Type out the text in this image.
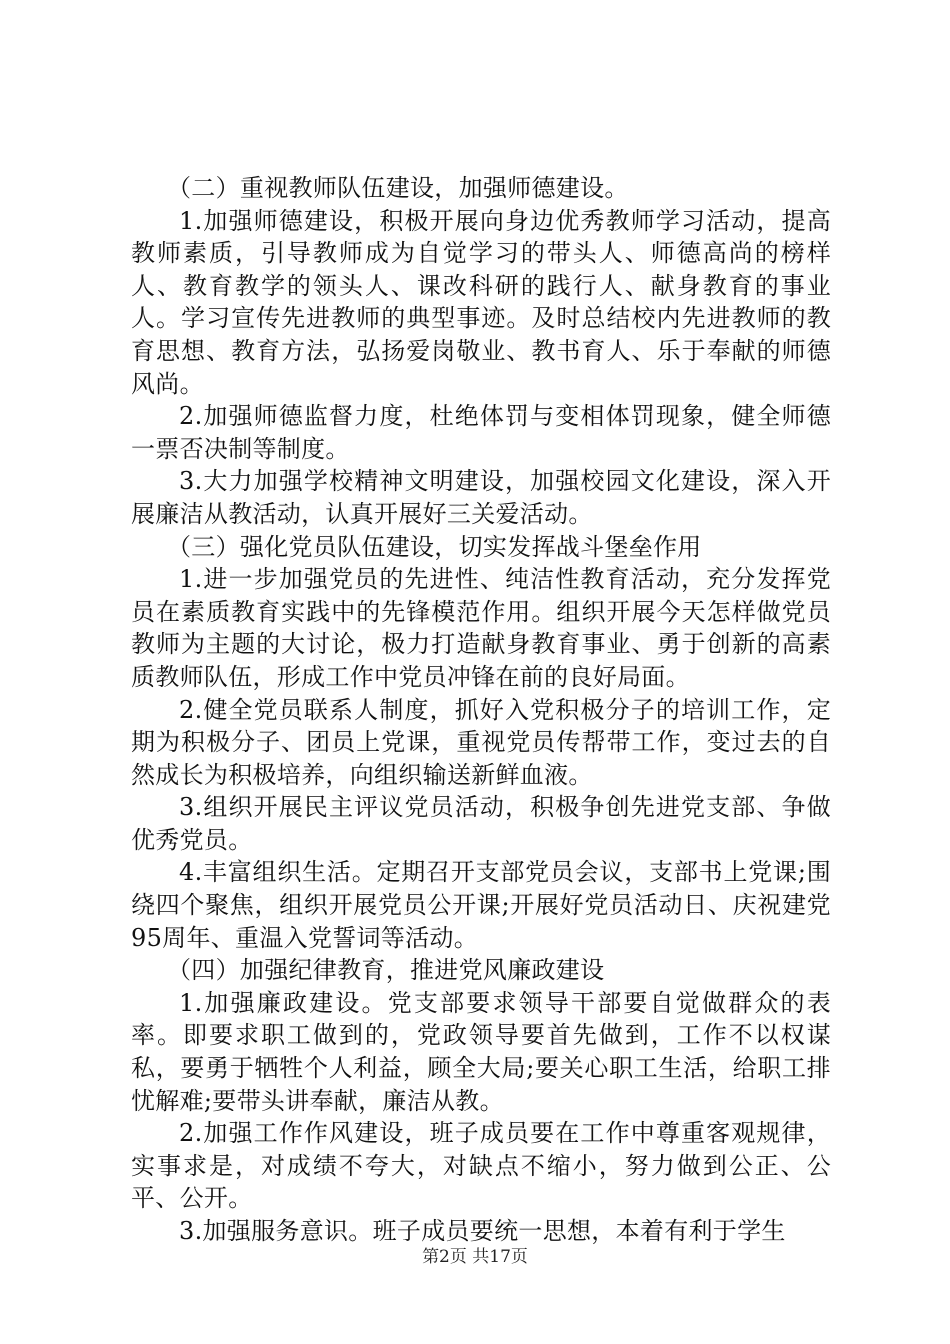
（二）重视教师队伍建设，加强师德建设。

1.加强师德建设，积极开展向身边优秀教师学习活动，提高教师素质，引导教师成为自觉学习的带头人、师德高尚的榜样人、教育教学的领头人、课改科研的践行人、献身教育的事业人。学习宣传先进教师的典型事迹。及时总结校内先进教师的教育思想、教育方法，弘扬爱岗敬业、教书育人、乐于奉献的师德风尚。

2.加强师德监督力度，杜绝体罚与变相体罚现象，健全师德一票否决制等制度。

3.大力加强学校精神文明建设，加强校园文化建设，深入开展廉洁从教活动，认真开展好三关爱活动。

（三）强化党员队伍建设，切实发挥战斗堡垒作用

1.进一步加强党员的先进性、纯洁性教育活动，充分发挥党员在素质教育实践中的先锋模范作用。组织开展今天怎样做党员教师为主题的大讨论，极力打造献身教育事业、勇于创新的高素质教师队伍，形成工作中党员冲锋在前的良好局面。

2.健全党员联系人制度，抓好入党积极分子的培训工作，定期为积极分子、团员上党课，重视党员传帮带工作，变过去的自然成长为积极培养，向组织输送新鲜血液。

3.组织开展民主评议党员活动，积极争创先进党支部、争做优秀党员。

4.丰富组织生活。定期召开支部党员会议，支部书上党课;围绕四个聚焦，组织开展党员公开课;开展好党员活动日、庆祝建党95周年、重温入党誓词等活动。

（四）加强纪律教育，推进党风廉政建设

1.加强廉政建设。党支部要求领导干部要自觉做群众的表率。即要求职工做到的，党政领导要首先做到，工作不以权谋私，要勇于牺牲个人利益，顾全大局;要关心职工生活，给职工排忧解难;要带头讲奉献，廉洁从教。

2.加强工作作风建设，班子成员要在工作中尊重客观规律，实事求是，对成绩不夸大，对缺点不缩小，努力做到公正、公平、公开。

3.加强服务意识。班子成员要统一思想，本着有利于学生

第2页 共17页
